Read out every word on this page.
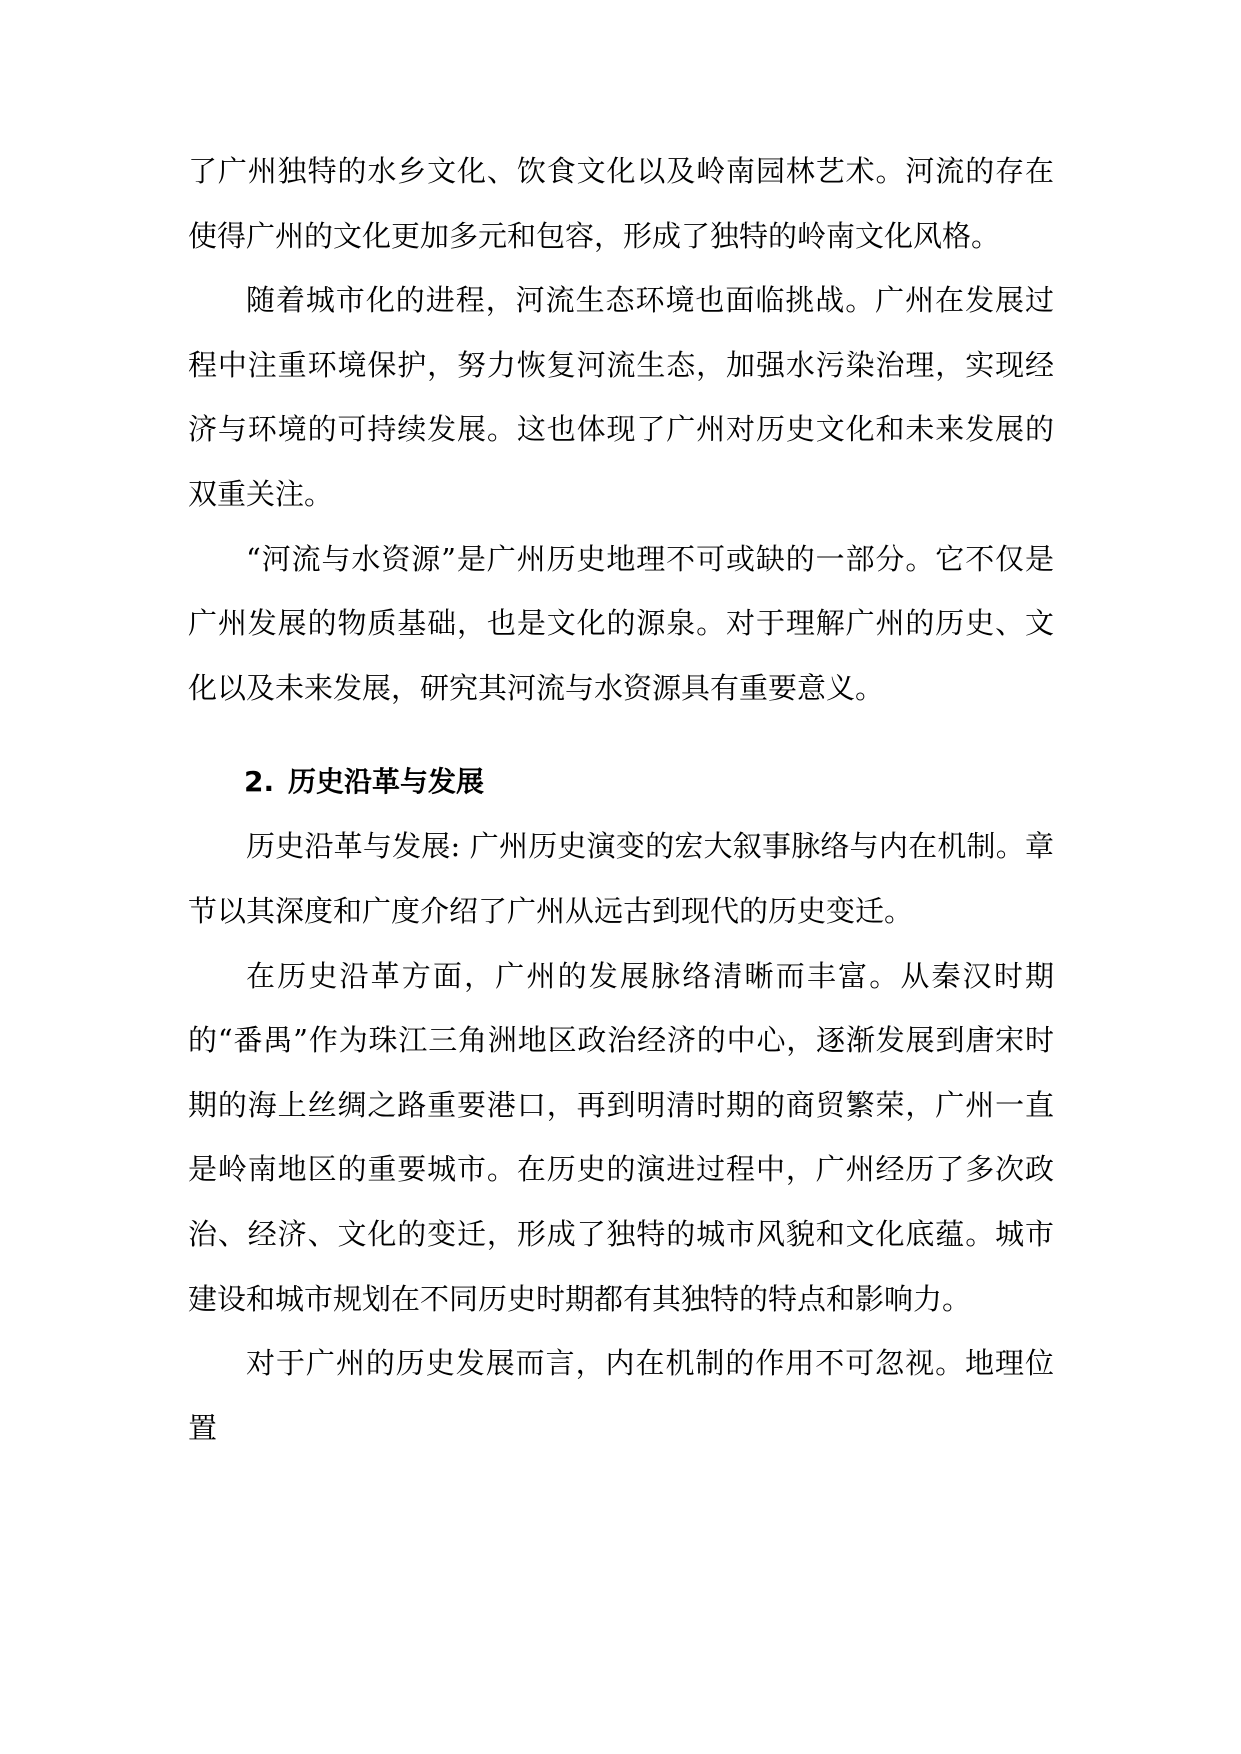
了广州独特的水乡文化、饮食文化以及岭南园林艺术。河流的存在使得广州的文化更加多元和包容，形成了独特的岭南文化风格。

随着城市化的进程，河流生态环境也面临挑战。广州在发展过程中注重环境保护，努力恢复河流生态，加强水污染治理，实现经济与环境的可持续发展。这也体现了广州对历史文化和未来发展的双重关注。

“河流与水资源”是广州历史地理不可或缺的一部分。它不仅是广州发展的物质基础，也是文化的源泉。对于理解广州的历史、文化以及未来发展，研究其河流与水资源具有重要意义。

2. 历史沿革与发展

历史沿革与发展: 广州历史演变的宏大叙事脉络与内在机制。章节以其深度和广度介绍了广州从远古到现代的历史变迁。

在历史沿革方面，广州的发展脉络清晰而丰富。从秦汉时期的“番禺”作为珠江三角洲地区政治经济的中心，逐渐发展到唐宋时期的海上丝绸之路重要港口，再到明清时期的商贸繁荣，广州一直是岭南地区的重要城市。在历史的演进过程中，广州经历了多次政治、经济、文化的变迁，形成了独特的城市风貌和文化底蕴。城市建设和城市规划在不同历史时期都有其独特的特点和影响力。

对于广州的历史发展而言，内在机制的作用不可忽视。地理位置
